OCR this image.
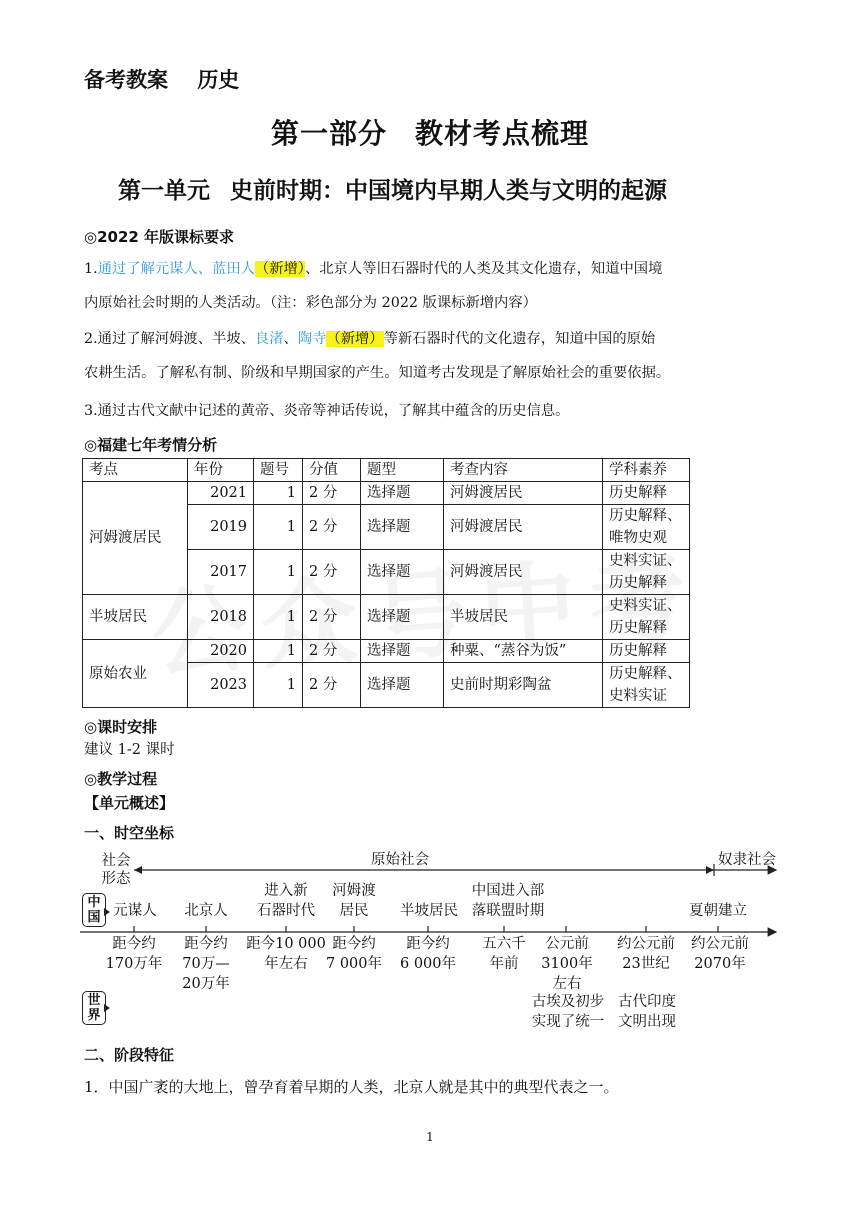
备考教案 历史
第一部分 教材考点梳理
第一单元 史前时期：中国境内早期人类与文明的起源
◎2022 年版课标要求
1.通过了解元谋人、蓝田人（新增）、北京人等旧石器时代的人类及其文化遗存，知道中国境
内原始社会时期的人类活动。（注：彩色部分为 2022 版课标新增内容）
2.通过了解河姆渡、半坡、良渚、陶寺（新增）等新石器时代的文化遗存，知道中国的原始
农耕生活。了解私有制、阶级和早期国家的产生。知道考古发现是了解原始社会的重要依据。
3.通过古代文献中记述的黄帝、炎帝等神话传说，了解其中蕴含的历史信息。
◎福建七年考情分析
考点	年份	题号	分值	题型	考查内容	学科素养
河姆渡居民	2021	1	2 分	选择题	河姆渡居民	历史解释
	2019	1	2 分	选择题	河姆渡居民	历史解释、
唯物史观
	2017	1	2 分	选择题	河姆渡居民	史料实证、
历史解释
半坡居民	2018	1	2 分	选择题	半坡居民	史料实证、
历史解释
原始农业	2020	1	2 分	选择题	种粟、“蒸谷为饭”	历史解释
	2023	1	2 分	选择题	史前时期彩陶盆	历史解释、
史料实证
◎课时安排
建议 1-2 课时
◎教学过程
【单元概述】
一、时空坐标
社会
形态
原始社会	奴隶社会
中
国
世
界
元谋人	北京人
进入新
石器时代
河姆渡
居民	半坡居民
中国进入部
落联盟时期	夏朝建立
距今约
170万年
距今约
70万—
20万年
距今10 000
年左右
距今约
7 000年
距今约
6 000年
五六千
年前
公元前
3100年
左右
约公元前
23世纪
约公元前
2070年
古埃及初步
实现了统一
古代印度
文明出现
二、阶段特征
1．中国广袤的大地上，曾孕育着早期的人类，北京人就是其中的典型代表之一。
1
